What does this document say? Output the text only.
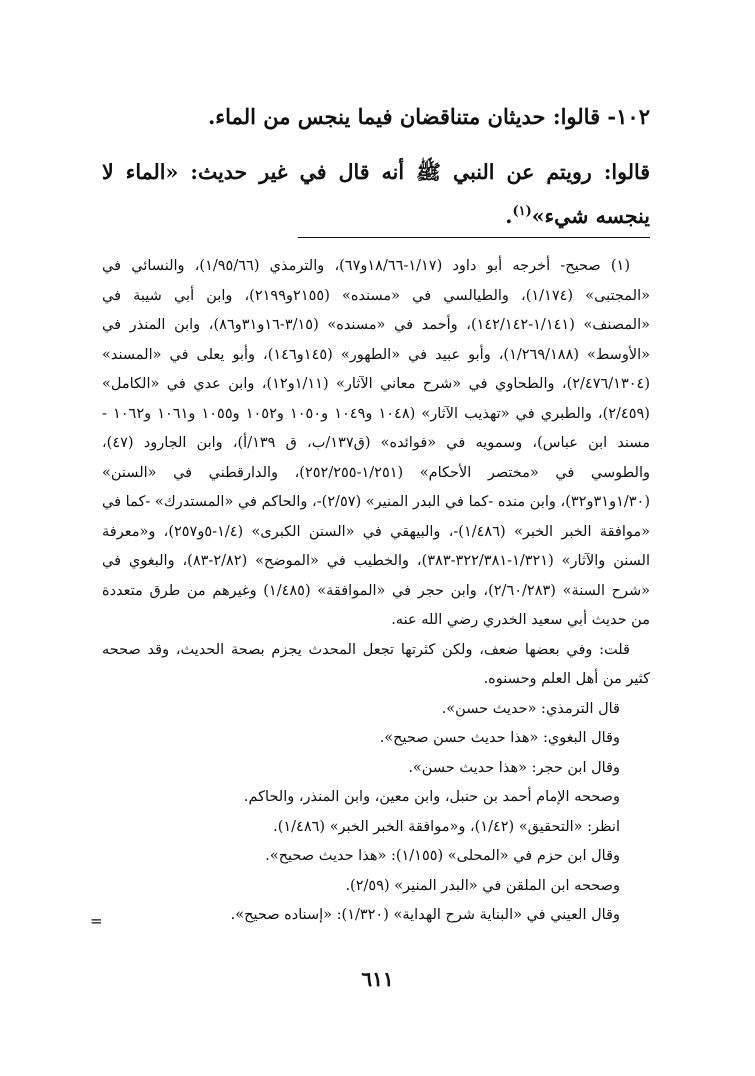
١٠٢- قالوا: حديثان متناقضان فيما ينجس من الماء.
قالوا: رويتم عن النبي ﷺ أنه قال في غير حديث: «الماء لا ينجسه شيء»$^{(١)}$.

(١) صحيح- أخرجه أبو داود (١/١٧-١٨/٦٦و٦٧)، والترمذي (١/٩٥/٦٦)، والنسائي في «المجتبى» (١/١٧٤)، والطيالسي في «مسنده» (٢١٥٥و٢١٩٩)، وابن أبي شيبة في «المصنف» (١/١٤١-١٤٢/١٤٢)، وأحمد في «مسنده» (٣/١٥-١٦و٣١و٨٦)، وابن المنذر في «الأوسط» (١/٢٦٩/١٨٨)، وأبو عبيد في «الطهور» (١٤٥و١٤٦)، وأبو يعلى في «المسند» (٢/٤٧٦/١٣٠٤)، والطحاوي في «شرح معاني الآثار» (١/١١و١٢)، وابن عدي في «الكامل» (٢/٤٥٩)، والطبري في «تهذيب الآثار» (١٠٤٨ و١٠٤٩ و١٠٥٠ و١٠٥٢ و١٠٥٥ و١٠٦١ و١٠٦٢ - مسند ابن عباس)، وسمويه في «فوائده» (ق١٣٧/ب، ق ١٣٩/أ)، وابن الجارود (٤٧)، والطوسي في «مختصر الأحكام» (١/٢٥١-٢٥٢/٢٥٥)، والدارقطني في «السنن» (١/٣٠و٣١و٣٢)، وابن منده -كما في البدر المنير» (٢/٥٧)-، والحاكم في «المستدرك» -كما في «موافقة الخبر الخبر» (١/٤٨٦)-، والبيهقي في «السنن الكبرى» (١/٤-٥و٢٥٧)، و«معرفة السنن والآثار» (١/٣٢١-٣٢٢/٣٨١-٣٨٣)، والخطيب في «الموضح» (٢/٨٢-٨٣)، والبغوي في «شرح السنة» (٢/٦٠/٢٨٣)، وابن حجر في «الموافقة» (١/٤٨٥) وغيرهم من طرق متعددة من حديث أبي سعيد الخدري رضي الله عنه.

قلت: وفي بعضها ضعف، ولكن كثرتها تجعل المحدث يجزم بصحة الحديث، وقد صححه كثير من أهل العلم وحسنوه.

قال الترمذي: «حديث حسن».

وقال البغوي: «هذا حديث حسن صحيح».

وقال ابن حجر: «هذا حديث حسن».

وصححه الإمام أحمد بن حنبل، وابن معين، وابن المنذر، والحاكم.

انظر: «التحقيق» (١/٤٢)، و«موافقة الخبر الخبر» (١/٤٨٦).

وقال ابن حزم في «المحلى» (١/١٥٥): «هذا حديث صحيح».

وصححه ابن الملقن في «البدر المنير» (٢/٥٩).

وقال العيني في «البناية شرح الهداية» (١/٣٢٠): «إسناده صحيح».

=
٦١١
